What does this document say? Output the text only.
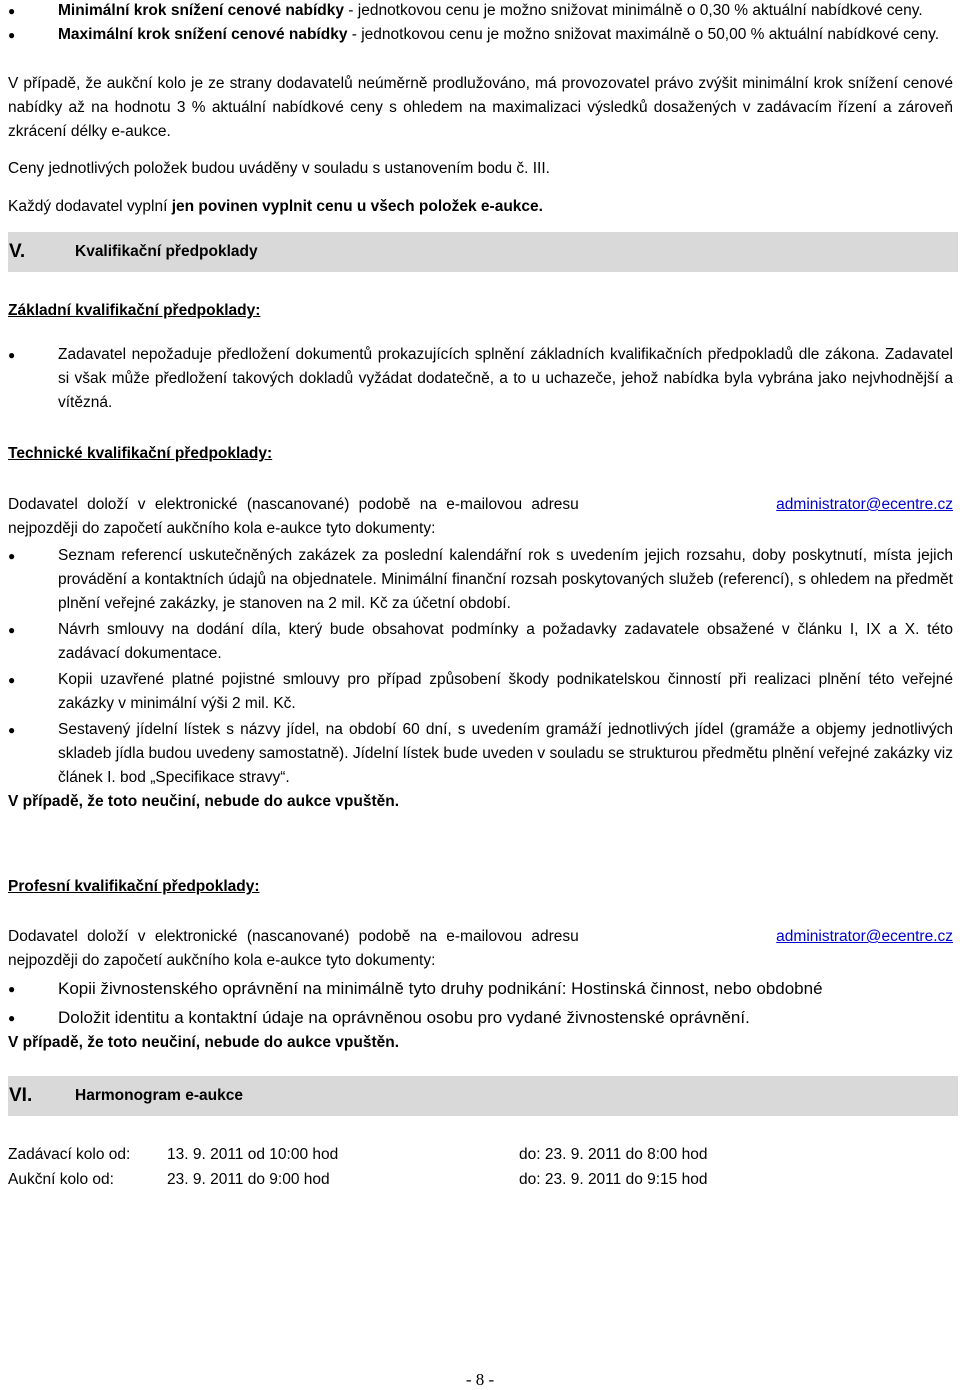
● Minimální krok snížení cenové nabídky - jednotkovou cenu je možno snižovat minimálně o 0,30 % aktuální nabídkové ceny.
● Maximální krok snížení cenové nabídky - jednotkovou cenu je možno snižovat maximálně o 50,00 % aktuální nabídkové ceny.

V případě, že aukční kolo je ze strany dodavatelů neúměrně prodlužováno, má provozovatel právo zvýšit minimální krok snížení cenové nabídky až na hodnotu 3 % aktuální nabídkové ceny s ohledem na maximalizaci výsledků dosažených v zadávacím řízení a zároveň zkrácení délky e-aukce.

Ceny jednotlivých položek budou uváděny v souladu s ustanovením bodu č. III.

Každý dodavatel vyplní jen povinen vyplnit cenu u všech položek e-aukce.

V.	Kvalifikační předpoklady

Základní kvalifikační předpoklady:

● Zadavatel nepožaduje předložení dokumentů prokazujících splnění základních kvalifikačních předpokladů dle zákona. Zadavatel si však může předložení takových dokladů vyžádat dodatečně, a to u uchazeče, jehož nabídka byla vybrána jako nejvhodnější a vítězná.

Technické kvalifikační předpoklady:

Dodavatel doloží v elektronické (nascanované) podobě na e-mailovou adresu	administrator@ecentre.cz

nejpozději do započetí aukčního kola e-aukce tyto dokumenty:

● Seznam referencí uskutečněných zakázek za poslední kalendářní rok s uvedením jejich rozsahu, doby poskytnutí, místa jejich provádění a kontaktních údajů na objednatele. Minimální finanční rozsah poskytovaných služeb (referencí), s ohledem na předmět plnění veřejné zakázky, je stanoven na 2 mil. Kč za účetní období.
● Návrh smlouvy na dodání díla, který bude obsahovat podmínky a požadavky zadavatele obsažené v článku I, IX a X. této zadávací dokumentace.
● Kopii uzavřené platné pojistné smlouvy pro případ způsobení škody podnikatelskou činností při realizaci plnění této veřejné zakázky v minimální výši 2 mil. Kč.
● Sestavený jídelní lístek s názvy jídel, na období 60 dní, s uvedením gramáží jednotlivých jídel (gramáže a objemy jednotlivých skladeb jídla budou uvedeny samostatně). Jídelní lístek bude uveden v souladu se strukturou předmětu plnění veřejné zakázky viz článek I. bod „Specifikace stravy“.

V případě, že toto neučiní, nebude do aukce vpuštěn.

Profesní kvalifikační předpoklady:

Dodavatel doloží v elektronické (nascanované) podobě na e-mailovou adresu	administrator@ecentre.cz

nejpozději do započetí aukčního kola e-aukce tyto dokumenty:

● Kopii živnostenského oprávnění na minimálně tyto druhy podnikání: Hostinská činnost, nebo obdobné
● Doložit identitu a kontaktní údaje na oprávněnou osobu pro vydané živnostenské oprávnění.

V případě, že toto neučiní, nebude do aukce vpuštěn.

VI.	Harmonogram e-aukce
Zadávací kolo od:	13. 9. 2011 od 10:00 hod	do: 23. 9. 2011 do 8:00 hod
Aukční kolo od:	23. 9. 2011 do 9:00 hod	do: 23. 9. 2011 do 9:15 hod
- 8 -
